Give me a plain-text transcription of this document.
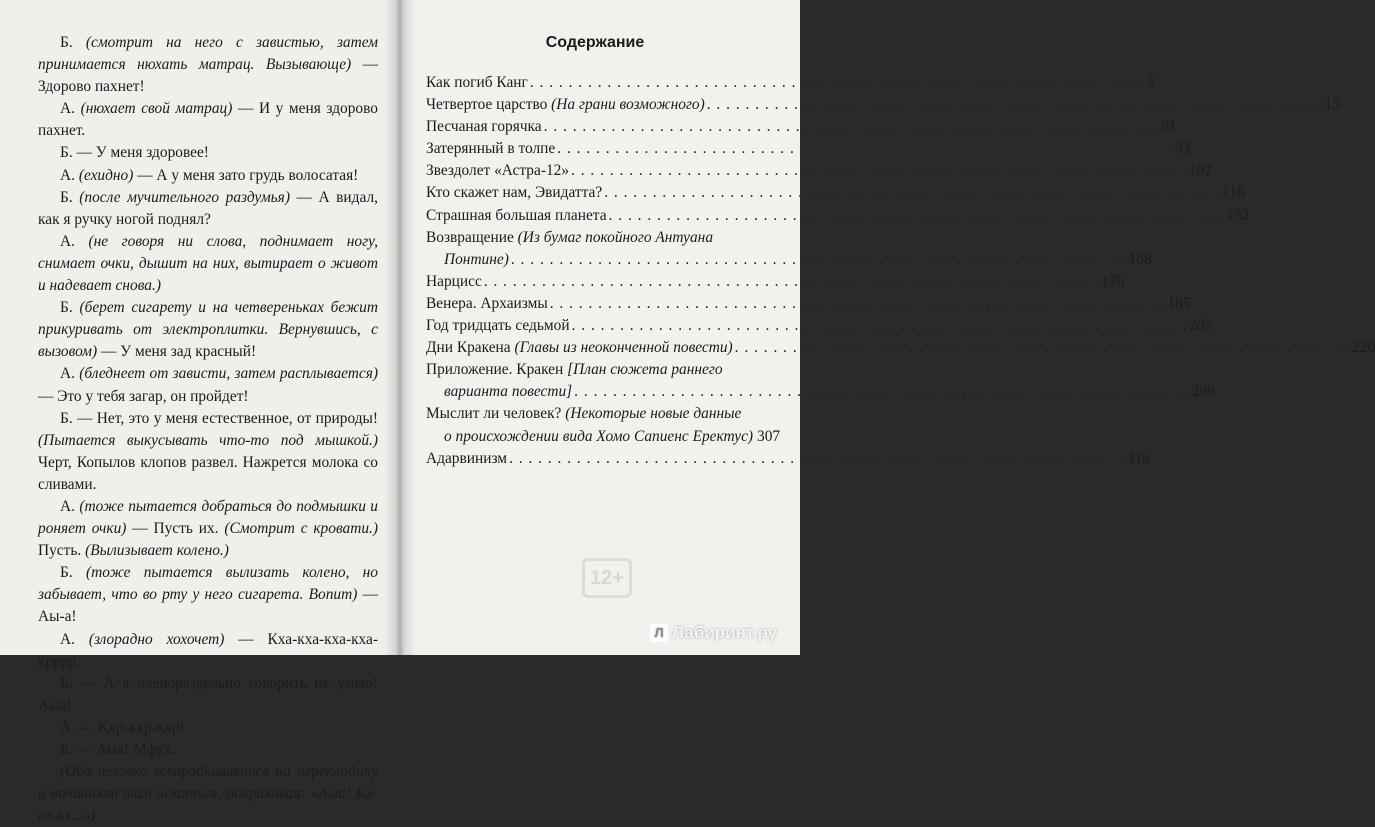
Б. (смотрит на него с завистью, затем принимается нюхать матрац. Вызывающе) — Здорово пахнет!

А. (нюхает свой матрац) — И у меня здорово пахнет.

Б. — У меня здоровее!

А. (ехидно) — А у меня зато грудь волосатая!

Б. (после мучительного раздумья) — А видал, как я ручку ногой поднял?

А. (не говоря ни слова, поднимает ногу, снимает очки, дышит на них, вытирает о живот и надевает снова.)

Б. (берет сигарету и на четвереньках бежит прикуривать от электроплитки. Вернувшись, с вызовом) — У меня зад красный!

А. (бледнеет от зависти, затем расплывается) — Это у тебя загар, он пройдет!

Б. — Нет, это у меня естественное, от природы! (Пытается выкусывать что-то под мышкой.) Черт, Копылов клопов развел. Нажрется молока со сливами.

А. (тоже пытается добраться до подмышки и роняет очки) — Пусть их. (Смотрит с кровати.) Пусть. (Вылизывает колено.)

Б. (тоже пытается вылизать колено, но забывает, что во рту у него сигарета. Вопит) — Аы-а!

А. (злорадно хохочет) — Кха-кха-кха-кха-крррр.

Б. — А я членораздельно говорить не умею! Аыа!

А. — Кхр-кхр-кхр!

Б. — Аыа! Мфух.

(Оба неловко вскарабкиваются на перекладину и начинают там искаться, покрикивая: «Аыа! Кх-кх-кх...»)

Содержание
Как погиб Канг . . .	5
Четвертое царство (На грани возможного) . . .	13
Песчаная горячка . . .	81
Затерянный в толпе . . .	93
Звездолет «Астра-12» . . .	102
Кто скажет нам, Эвидатта? . . .	116
Страшная большая планета . . .	132
Возвращение (Из бумаг покойного Антуана
Понтине) . . .	168
Нарцисс . . .	176
Венера. Архаизмы . . .	185
Год тридцать седьмой . . .	205
Дни Кракена (Главы из неоконченной повести) . . .	220
Приложение. Кракен [План сюжета раннего
варианта повести] . . .	296
Мыслит ли человек? (Некоторые новые данные
о происхождении вида Хомо Сапиенс Еректус) 307
Адарвинизм . . .	316
12+
Л Лабиринт.ру
